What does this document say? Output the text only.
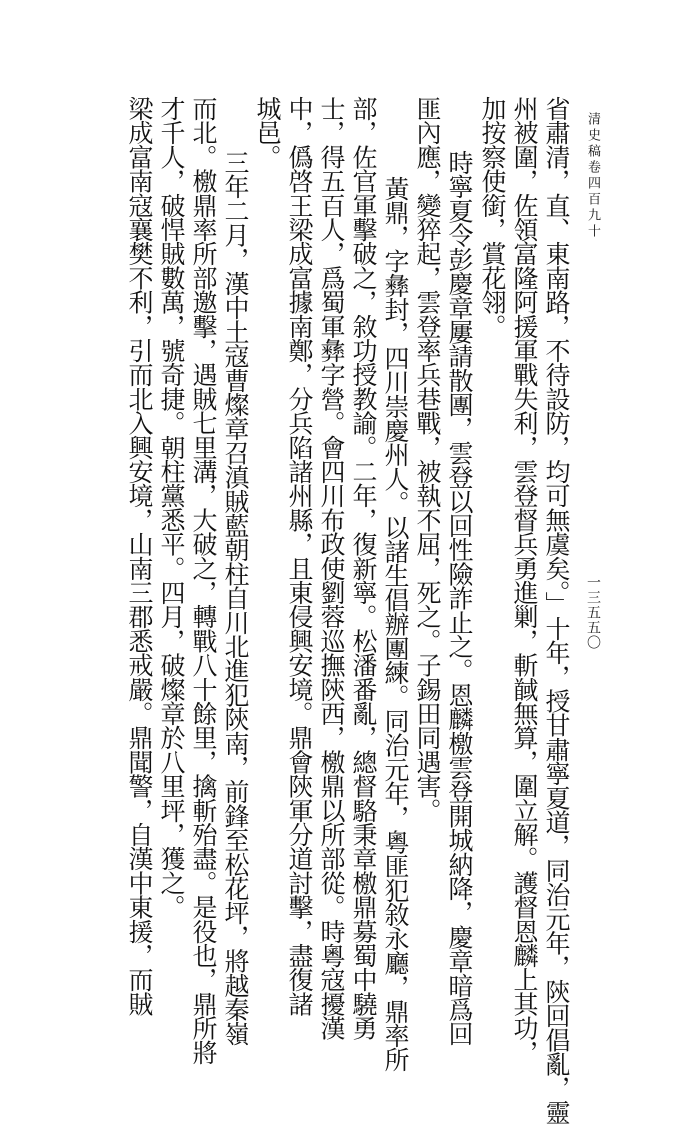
清史稿卷四百九十
一三五五〇
省肅清，直、東南路，不待設防，均可無虞矣。」十年，授甘肅寧夏道，同治元年，陝回倡亂，靈
州被圍，佐領富隆阿援軍戰失利，雲登督兵勇進剿，斬馘無算，圍立解。護督恩麟上其功，
加按察使銜，賞花翎。
時寧夏令彭慶章屢請散團，雲登以回性險詐止之。恩麟檄雲登開城納降，慶章暗爲回
匪內應，變猝起，雲登率兵巷戰，被執不屈，死之。子錫田同遇害。
黃鼎，字彝封，四川崇慶州人。以諸生倡辦團練。同治元年，粵匪犯敘永廳，鼎率所
部，佐官軍擊破之，敘功授教諭。二年，復新寧。松潘番亂，總督駱秉章檄鼎募蜀中驍勇
士，得五百人，爲蜀軍彝字營。會四川布政使劉蓉巡撫陝西，檄鼎以所部從。時粵寇擾漢
中，僞啓王梁成富據南鄭，分兵陷諸州縣，且東侵興安境。鼎會陝軍分道討擊，盡復諸
城邑。
三年二月，漢中土寇曹燦章召滇賊藍朝柱自川北進犯陝南，前鋒至松花坪，將越秦嶺
而北。檄鼎率所部邀擊，遇賊七里溝，大破之，轉戰八十餘里，擒斬殆盡。是役也，鼎所將
才千人，破悍賊數萬，號奇捷。朝柱黨悉平。四月，破燦章於八里坪，獲之。
梁成富南寇襄樊不利，引而北入興安境，山南三郡悉戒嚴。鼎聞警，自漢中東援，而賊
